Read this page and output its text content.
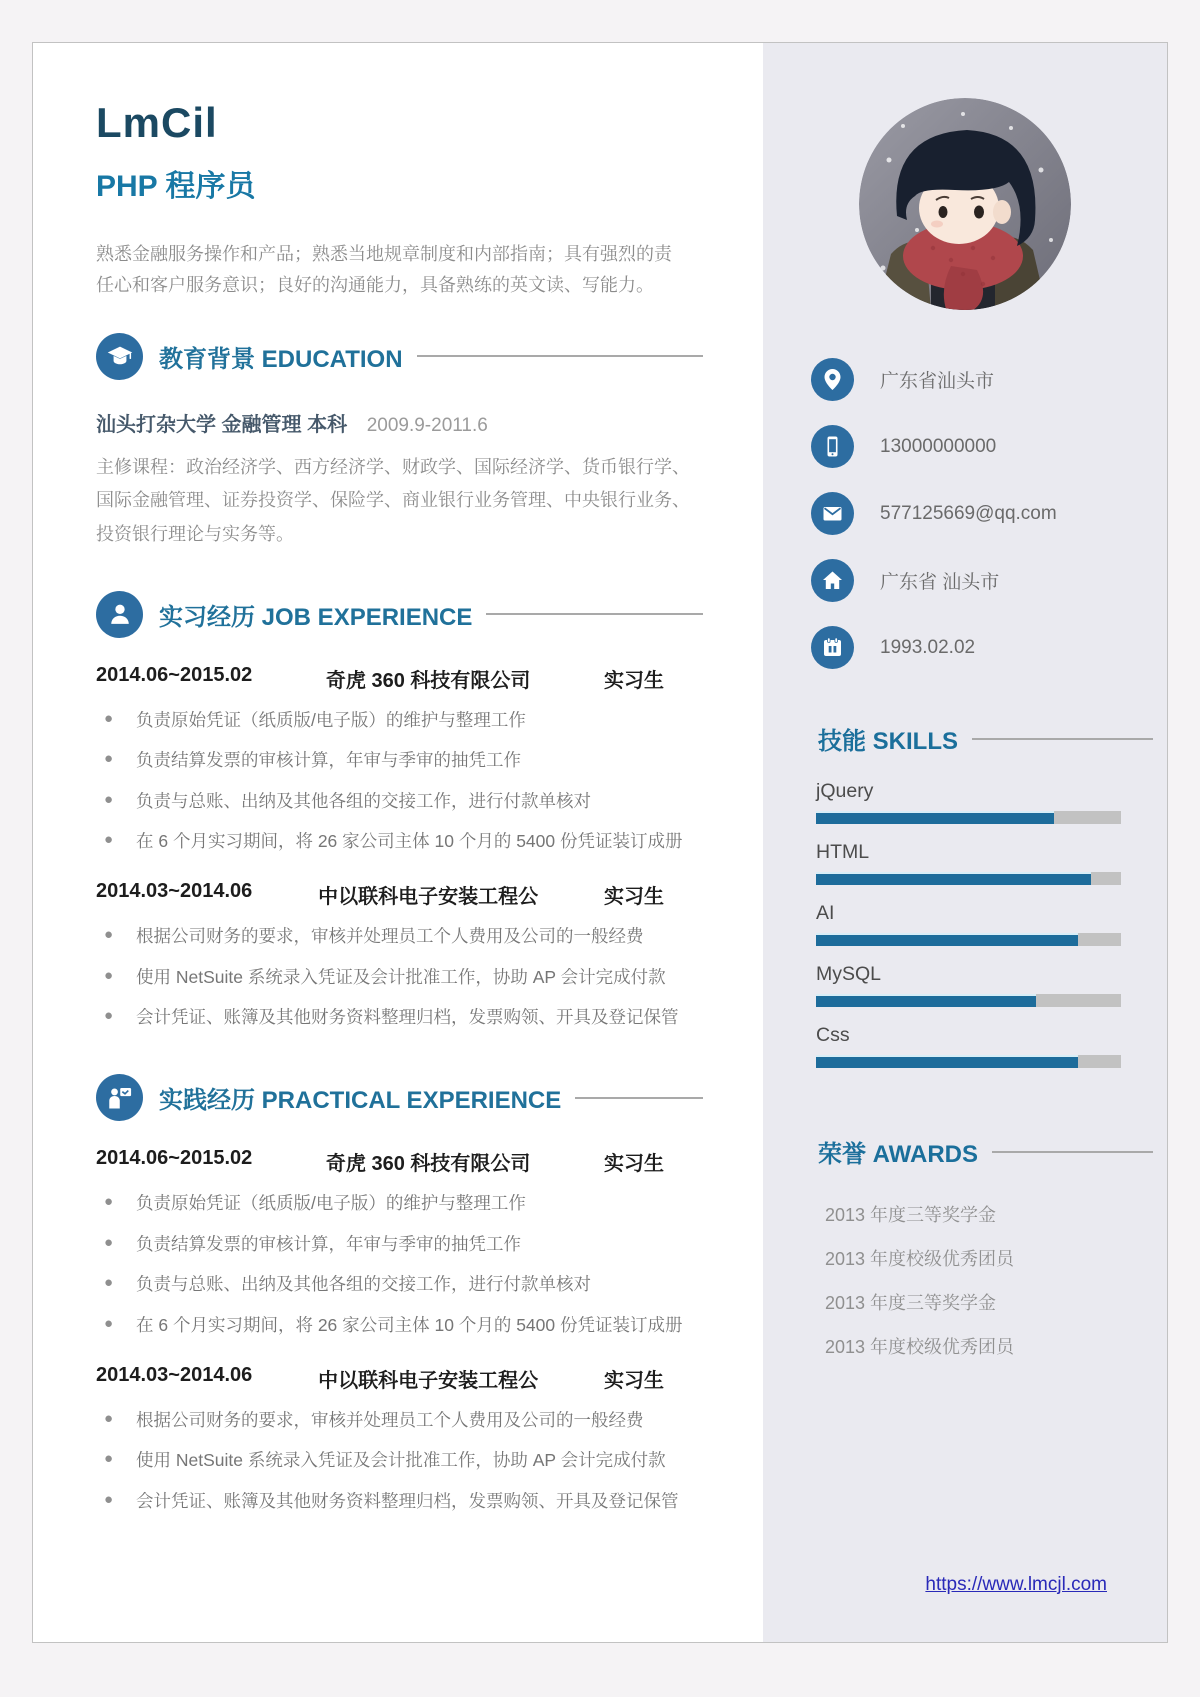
LmCil
PHP 程序员

熟悉金融服务操作和产品；熟悉当地规章制度和内部指南；具有强烈的责任心和客户服务意识；良好的沟通能力，具备熟练的英文读、写能力。

教育背景 EDUCATION
汕头打杂大学 金融管理 本科 2009.9-2011.6

主修课程：政治经济学、西方经济学、财政学、国际经济学、货币银行学、国际金融管理、证券投资学、保险学、商业银行业务管理、中央银行业务、投资银行理论与实务等。

实习经历 JOB EXPERIENCE
2014.06~2015.02	奇虎 360 科技有限公司	实习生
●	负责原始凭证（纸质版/电子版）的维护与整理工作
●	负责结算发票的审核计算，年审与季审的抽凭工作
●	负责与总账、出纳及其他各组的交接工作，进行付款单核对
●	在 6 个月实习期间，将 26 家公司主体 10 个月的 5400 份凭证装订成册
2014.03~2014.06	中以联科电子安装工程公	实习生
●	根据公司财务的要求，审核并处理员工个人费用及公司的一般经费
●	使用 NetSuite 系统录入凭证及会计批准工作，协助 AP 会计完成付款
●	会计凭证、账簿及其他财务资料整理归档，发票购领、开具及登记保管
实践经历 PRACTICAL EXPERIENCE
2014.06~2015.02	奇虎 360 科技有限公司	实习生
●	负责原始凭证（纸质版/电子版）的维护与整理工作
●	负责结算发票的审核计算，年审与季审的抽凭工作
●	负责与总账、出纳及其他各组的交接工作，进行付款单核对
●	在 6 个月实习期间，将 26 家公司主体 10 个月的 5400 份凭证装订成册
2014.03~2014.06	中以联科电子安装工程公	实习生
●	根据公司财务的要求，审核并处理员工个人费用及公司的一般经费
●	使用 NetSuite 系统录入凭证及会计批准工作，协助 AP 会计完成付款
●	会计凭证、账簿及其他财务资料整理归档，发票购领、开具及登记保管
广东省汕头市
13000000000
577125669@qq.com
广东省 汕头市
1993.02.02
技能 SKILLS
jQuery
HTML
AI
MySQL
Css
荣誉 AWARDS
2013 年度三等奖学金
2013 年度校级优秀团员
2013 年度三等奖学金
2013 年度校级优秀团员
https://www.lmcjl.com
